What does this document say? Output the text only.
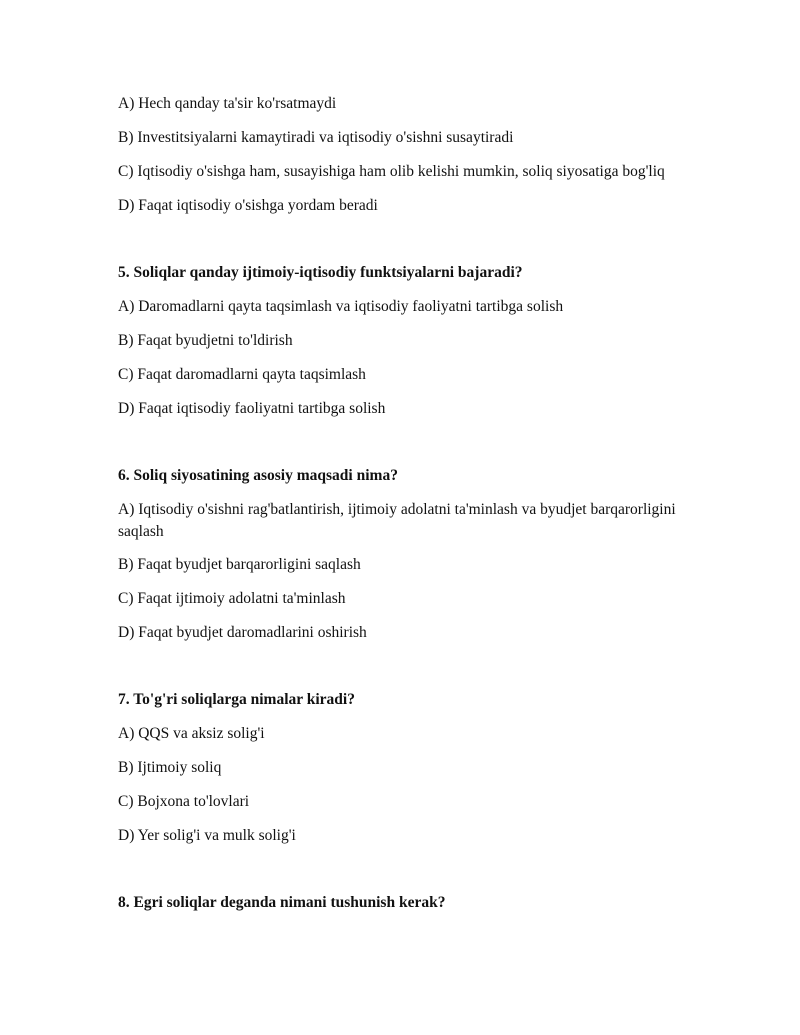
A) Hech qanday ta'sir ko'rsatmaydi
B) Investitsiyalarni kamaytiradi va iqtisodiy o'sishni susaytiradi
C) Iqtisodiy o'sishga ham, susayishiga ham olib kelishi mumkin, soliq siyosatiga bog'liq
D) Faqat iqtisodiy o'sishga yordam beradi
5. Soliqlar qanday ijtimoiy-iqtisodiy funktsiyalarni bajaradi?
A) Daromadlarni qayta taqsimlash va iqtisodiy faoliyatni tartibga solish
B) Faqat byudjetni to'ldirish
C) Faqat daromadlarni qayta taqsimlash
D) Faqat iqtisodiy faoliyatni tartibga solish
6. Soliq siyosatining asosiy maqsadi nima?
A) Iqtisodiy o'sishni rag'batlantirish, ijtimoiy adolatni ta'minlash va byudjet barqarorligini saqlash
B) Faqat byudjet barqarorligini saqlash
C) Faqat ijtimoiy adolatni ta'minlash
D) Faqat byudjet daromadlarini oshirish
7. To'g'ri soliqlarga nimalar kiradi?
A) QQS va aksiz solig'i
B) Ijtimoiy soliq
C) Bojxona to'lovlari
D) Yer solig'i va mulk solig'i
8. Egri soliqlar deganda nimani tushunish kerak?
